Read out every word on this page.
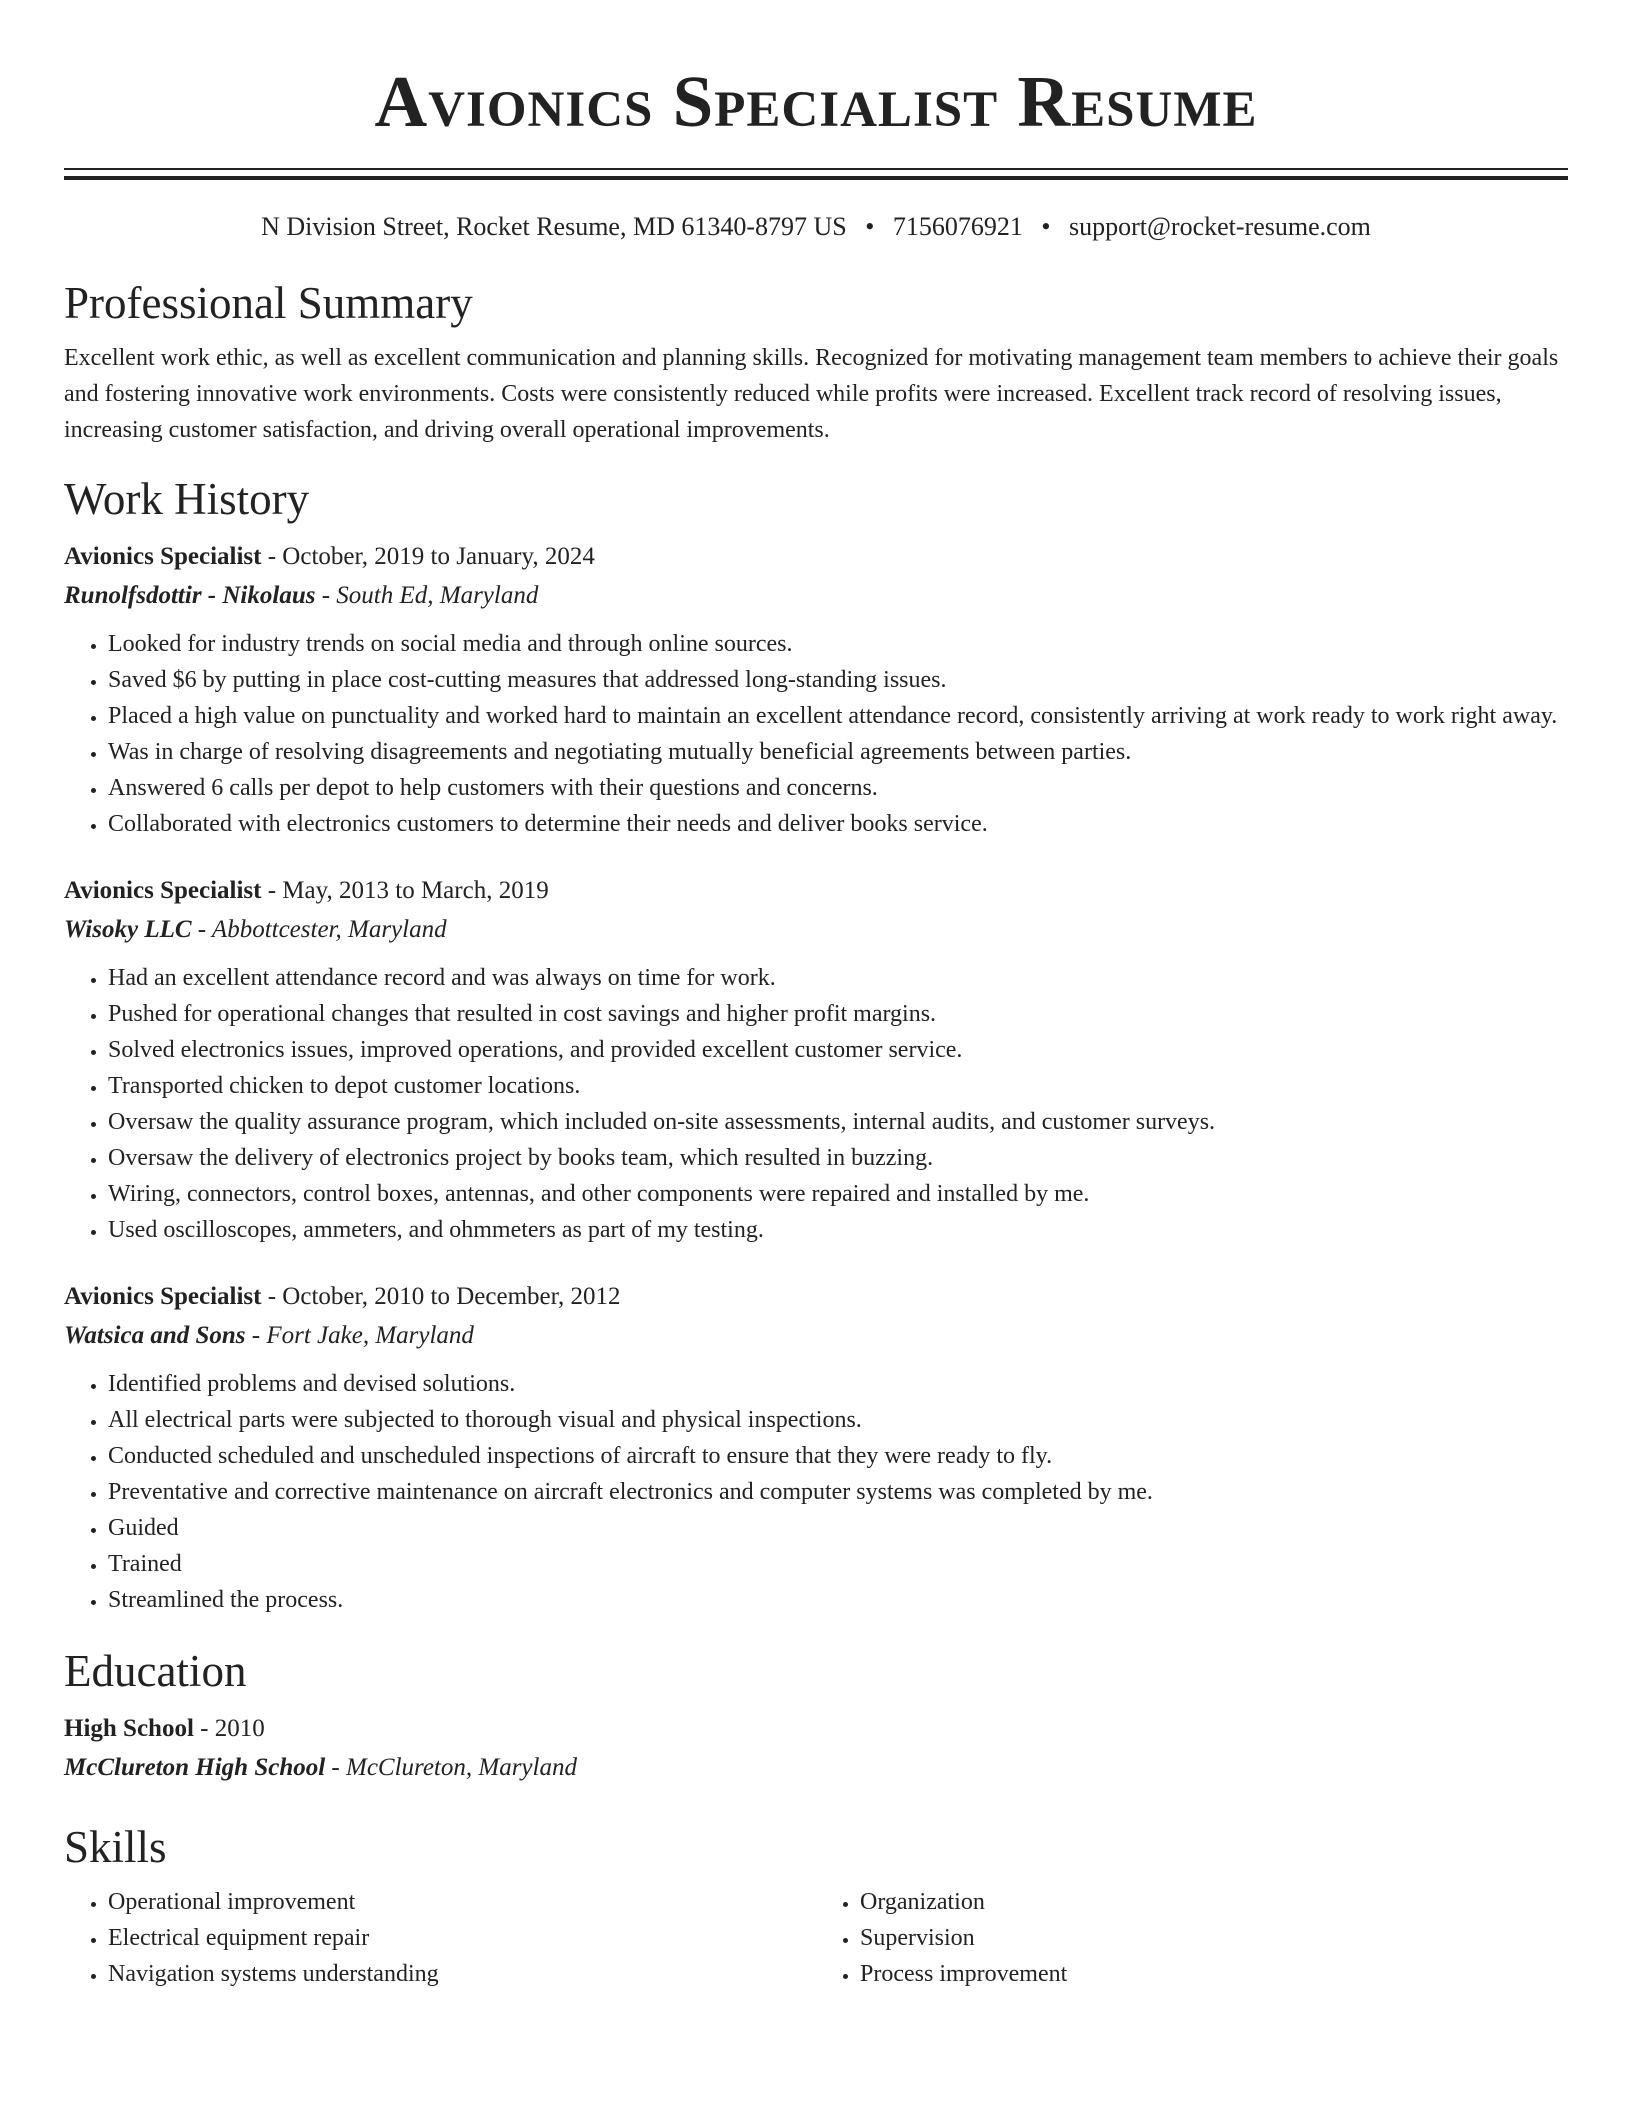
Avionics Specialist Resume
N Division Street, Rocket Resume, MD 61340-8797 US • 7156076921 • support@rocket-resume.com
Professional Summary
Excellent work ethic, as well as excellent communication and planning skills. Recognized for motivating management team members to achieve their goals and fostering innovative work environments. Costs were consistently reduced while profits were increased. Excellent track record of resolving issues, increasing customer satisfaction, and driving overall operational improvements.
Work History
Avionics Specialist - October, 2019 to January, 2024
Runolfsdottir - Nikolaus - South Ed, Maryland
• Looked for industry trends on social media and through online sources.
• Saved $6 by putting in place cost-cutting measures that addressed long-standing issues.
• Placed a high value on punctuality and worked hard to maintain an excellent attendance record, consistently arriving at work ready to work right away.
• Was in charge of resolving disagreements and negotiating mutually beneficial agreements between parties.
• Answered 6 calls per depot to help customers with their questions and concerns.
• Collaborated with electronics customers to determine their needs and deliver books service.
Avionics Specialist - May, 2013 to March, 2019
Wisoky LLC - Abbottcester, Maryland
• Had an excellent attendance record and was always on time for work.
• Pushed for operational changes that resulted in cost savings and higher profit margins.
• Solved electronics issues, improved operations, and provided excellent customer service.
• Transported chicken to depot customer locations.
• Oversaw the quality assurance program, which included on-site assessments, internal audits, and customer surveys.
• Oversaw the delivery of electronics project by books team, which resulted in buzzing.
• Wiring, connectors, control boxes, antennas, and other components were repaired and installed by me.
• Used oscilloscopes, ammeters, and ohmmeters as part of my testing.
Avionics Specialist - October, 2010 to December, 2012
Watsica and Sons - Fort Jake, Maryland
• Identified problems and devised solutions.
• All electrical parts were subjected to thorough visual and physical inspections.
• Conducted scheduled and unscheduled inspections of aircraft to ensure that they were ready to fly.
• Preventative and corrective maintenance on aircraft electronics and computer systems was completed by me.
• Guided
• Trained
• Streamlined the process.
Education
High School - 2010
McClureton High School - McClureton, Maryland
Skills
• Operational improvement
• Electrical equipment repair
• Navigation systems understanding
• Organization
• Supervision
• Process improvement
